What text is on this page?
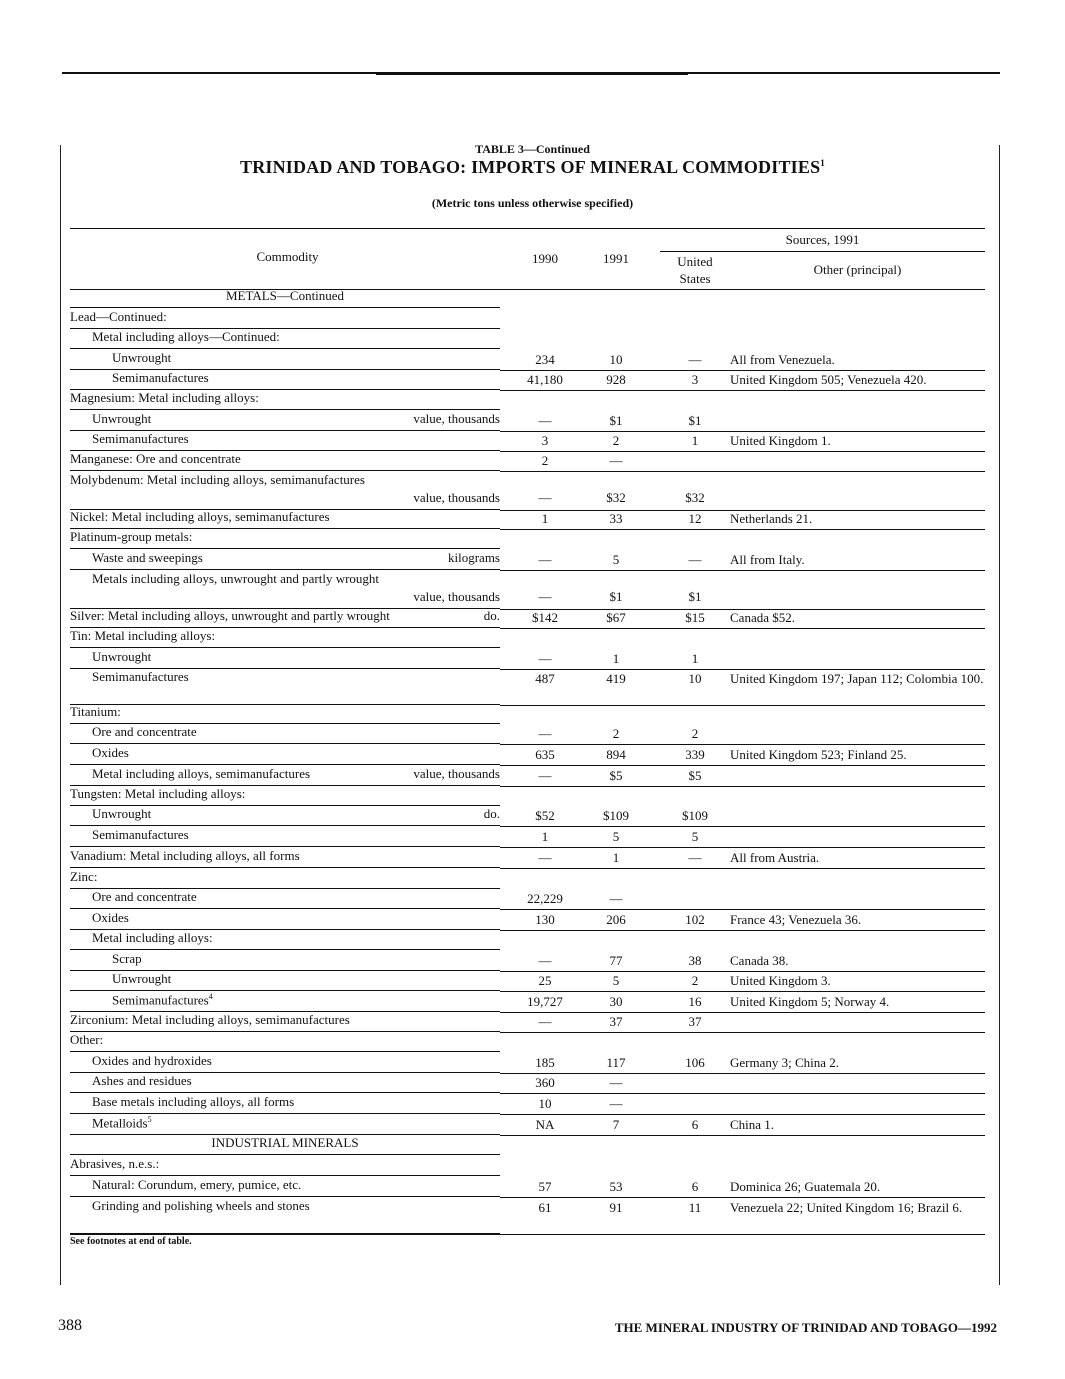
TABLE 3—Continued
TRINIDAD AND TOBAGO: IMPORTS OF MINERAL COMMODITIES$^1$
(Metric tons unless otherwise specified)
Commodity	1990	1991
Sources, 1991
United
States
Other (principal)
METALS—Continued
Lead—Continued:
Metal including alloys—Continued:
Unwrought	234	10	—	All from Venezuela.
Semimanufactures	41,180	928	3	United Kingdom 505; Venezuela 420.
Magnesium: Metal including alloys:
Unwrought	value, thousands	—	$1	$1
Semimanufactures	3	2	1	United Kingdom 1.
Manganese: Ore and concentrate	2	—
Molybdenum: Metal including alloys, semimanufactures
value, thousands	—	$32	$32
Nickel: Metal including alloys, semimanufactures	1	33	12	Netherlands 21.
Platinum-group metals:
Waste and sweepings	kilograms	—	5	—	All from Italy.
Metals including alloys, unwrought and partly wrought
value, thousands	—	$1	$1
Silver: Metal including alloys, unwrought and partly wrought	do.	$142	$67	$15	Canada $52.
Tin: Metal including alloys:
Unwrought	—	1	1
Semimanufactures	487	419	10	United Kingdom 197; Japan 112; Colombia 100.
Titanium:
Ore and concentrate	—	2	2
Oxides	635	894	339	United Kingdom 523; Finland 25.
Metal including alloys, semimanufactures	value, thousands	—	$5	$5
Tungsten: Metal including alloys:
Unwrought	do.	$52	$109	$109
Semimanufactures	1	5	5
Vanadium: Metal including alloys, all forms	—	1	—	All from Austria.
Zinc:
Ore and concentrate	22,229	—
Oxides	130	206	102	France 43; Venezuela 36.
Metal including alloys:
Scrap	—	77	38	Canada 38.
Unwrought	25	5	2	United Kingdom 3.
Semimanufactures$^4$	19,727	30	16	United Kingdom 5; Norway 4.
Zirconium: Metal including alloys, semimanufactures	—	37	37
Other:
Oxides and hydroxides	185	117	106	Germany 3; China 2.
Ashes and residues	360	—
Base metals including alloys, all forms	10	—
Metalloids$^5$	NA	7	6	China 1.
INDUSTRIAL MINERALS
Abrasives, n.e.s.:
Natural: Corundum, emery, pumice, etc.	57	53	6	Dominica 26; Guatemala 20.
Grinding and polishing wheels and stones	61	91	11	Venezuela 22; United Kingdom 16; Brazil 6.
See footnotes at end of table.
388	THE MINERAL INDUSTRY OF TRINIDAD AND TOBAGO—1992
